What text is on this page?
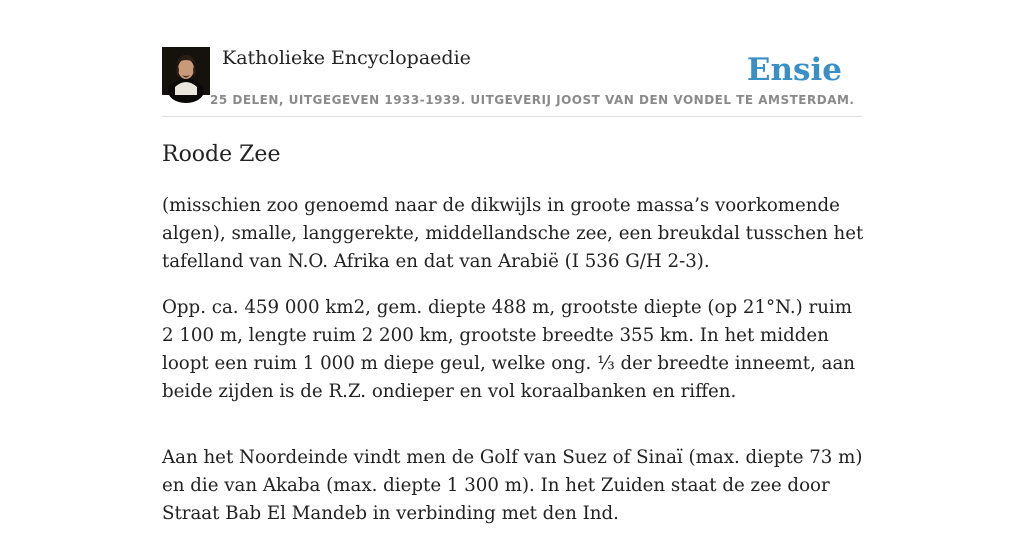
Katholieke Encyclopaedie
25 DELEN, UITGEGEVEN 1933-1939. UITGEVERIJ JOOST VAN DEN VONDEL TE AMSTERDAM.
Ensie
Roode Zee

(misschien zoo genoemd naar de dikwijls in groote massa’s voorkomende algen), smalle, langgerekte, middellandsche zee, een breukdal tusschen het tafelland van N.O. Afrika en dat van Arabië (I 536 G/H 2-3).

Opp. ca. 459 000 km2, gem. diepte 488 m, grootste diepte (op 21°N.) ruim 2 100 m, lengte ruim 2 200 km, grootste breedte 355 km. In het midden loopt een ruim 1 000 m diepe geul, welke ong. ⅓ der breedte inneemt, aan beide zijden is de R.Z. ondieper en vol koraalbanken en riffen.

Aan het Noordeinde vindt men de Golf van Suez of Sinaï (max. diepte 73 m) en die van Akaba (max. diepte 1 300 m). In het Zuiden staat de zee door Straat Bab El Mandeb in verbinding met den Ind.
